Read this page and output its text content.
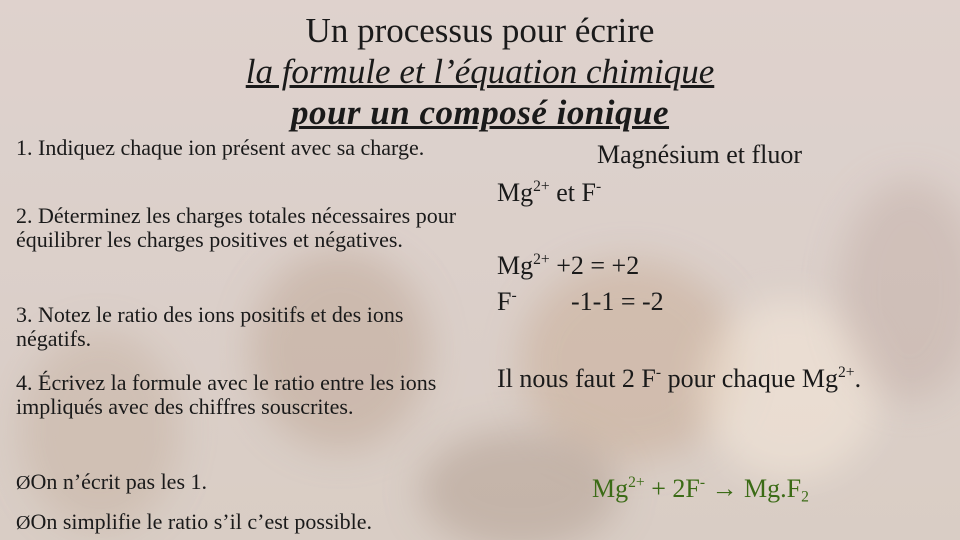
Un processus pour écrire
la formule et l’équation chimique
pour un composé ionique

1. Indiquez chaque ion présent avec sa charge.

2. Déterminez les charges totales nécessaires pour équilibrer les charges positives et négatives.

3. Notez le ratio des ions positifs et des ions négatifs.

4. Écrivez la formule avec le ratio entre les ions impliqués avec des chiffres souscrites.

ØOn n’écrit pas les 1.

ØOn simplifie le ratio s’il c’est possible.

Magnésium et fluor
$Mg^{2+}$ et F-
$Mg^{2+} +2 = +2$
F- -1-1 = -2
Il nous faut 2 F- pour chaque $Mg^{2+}$.
$Mg^{2+} + 2F^- \to Mg.F_2$
